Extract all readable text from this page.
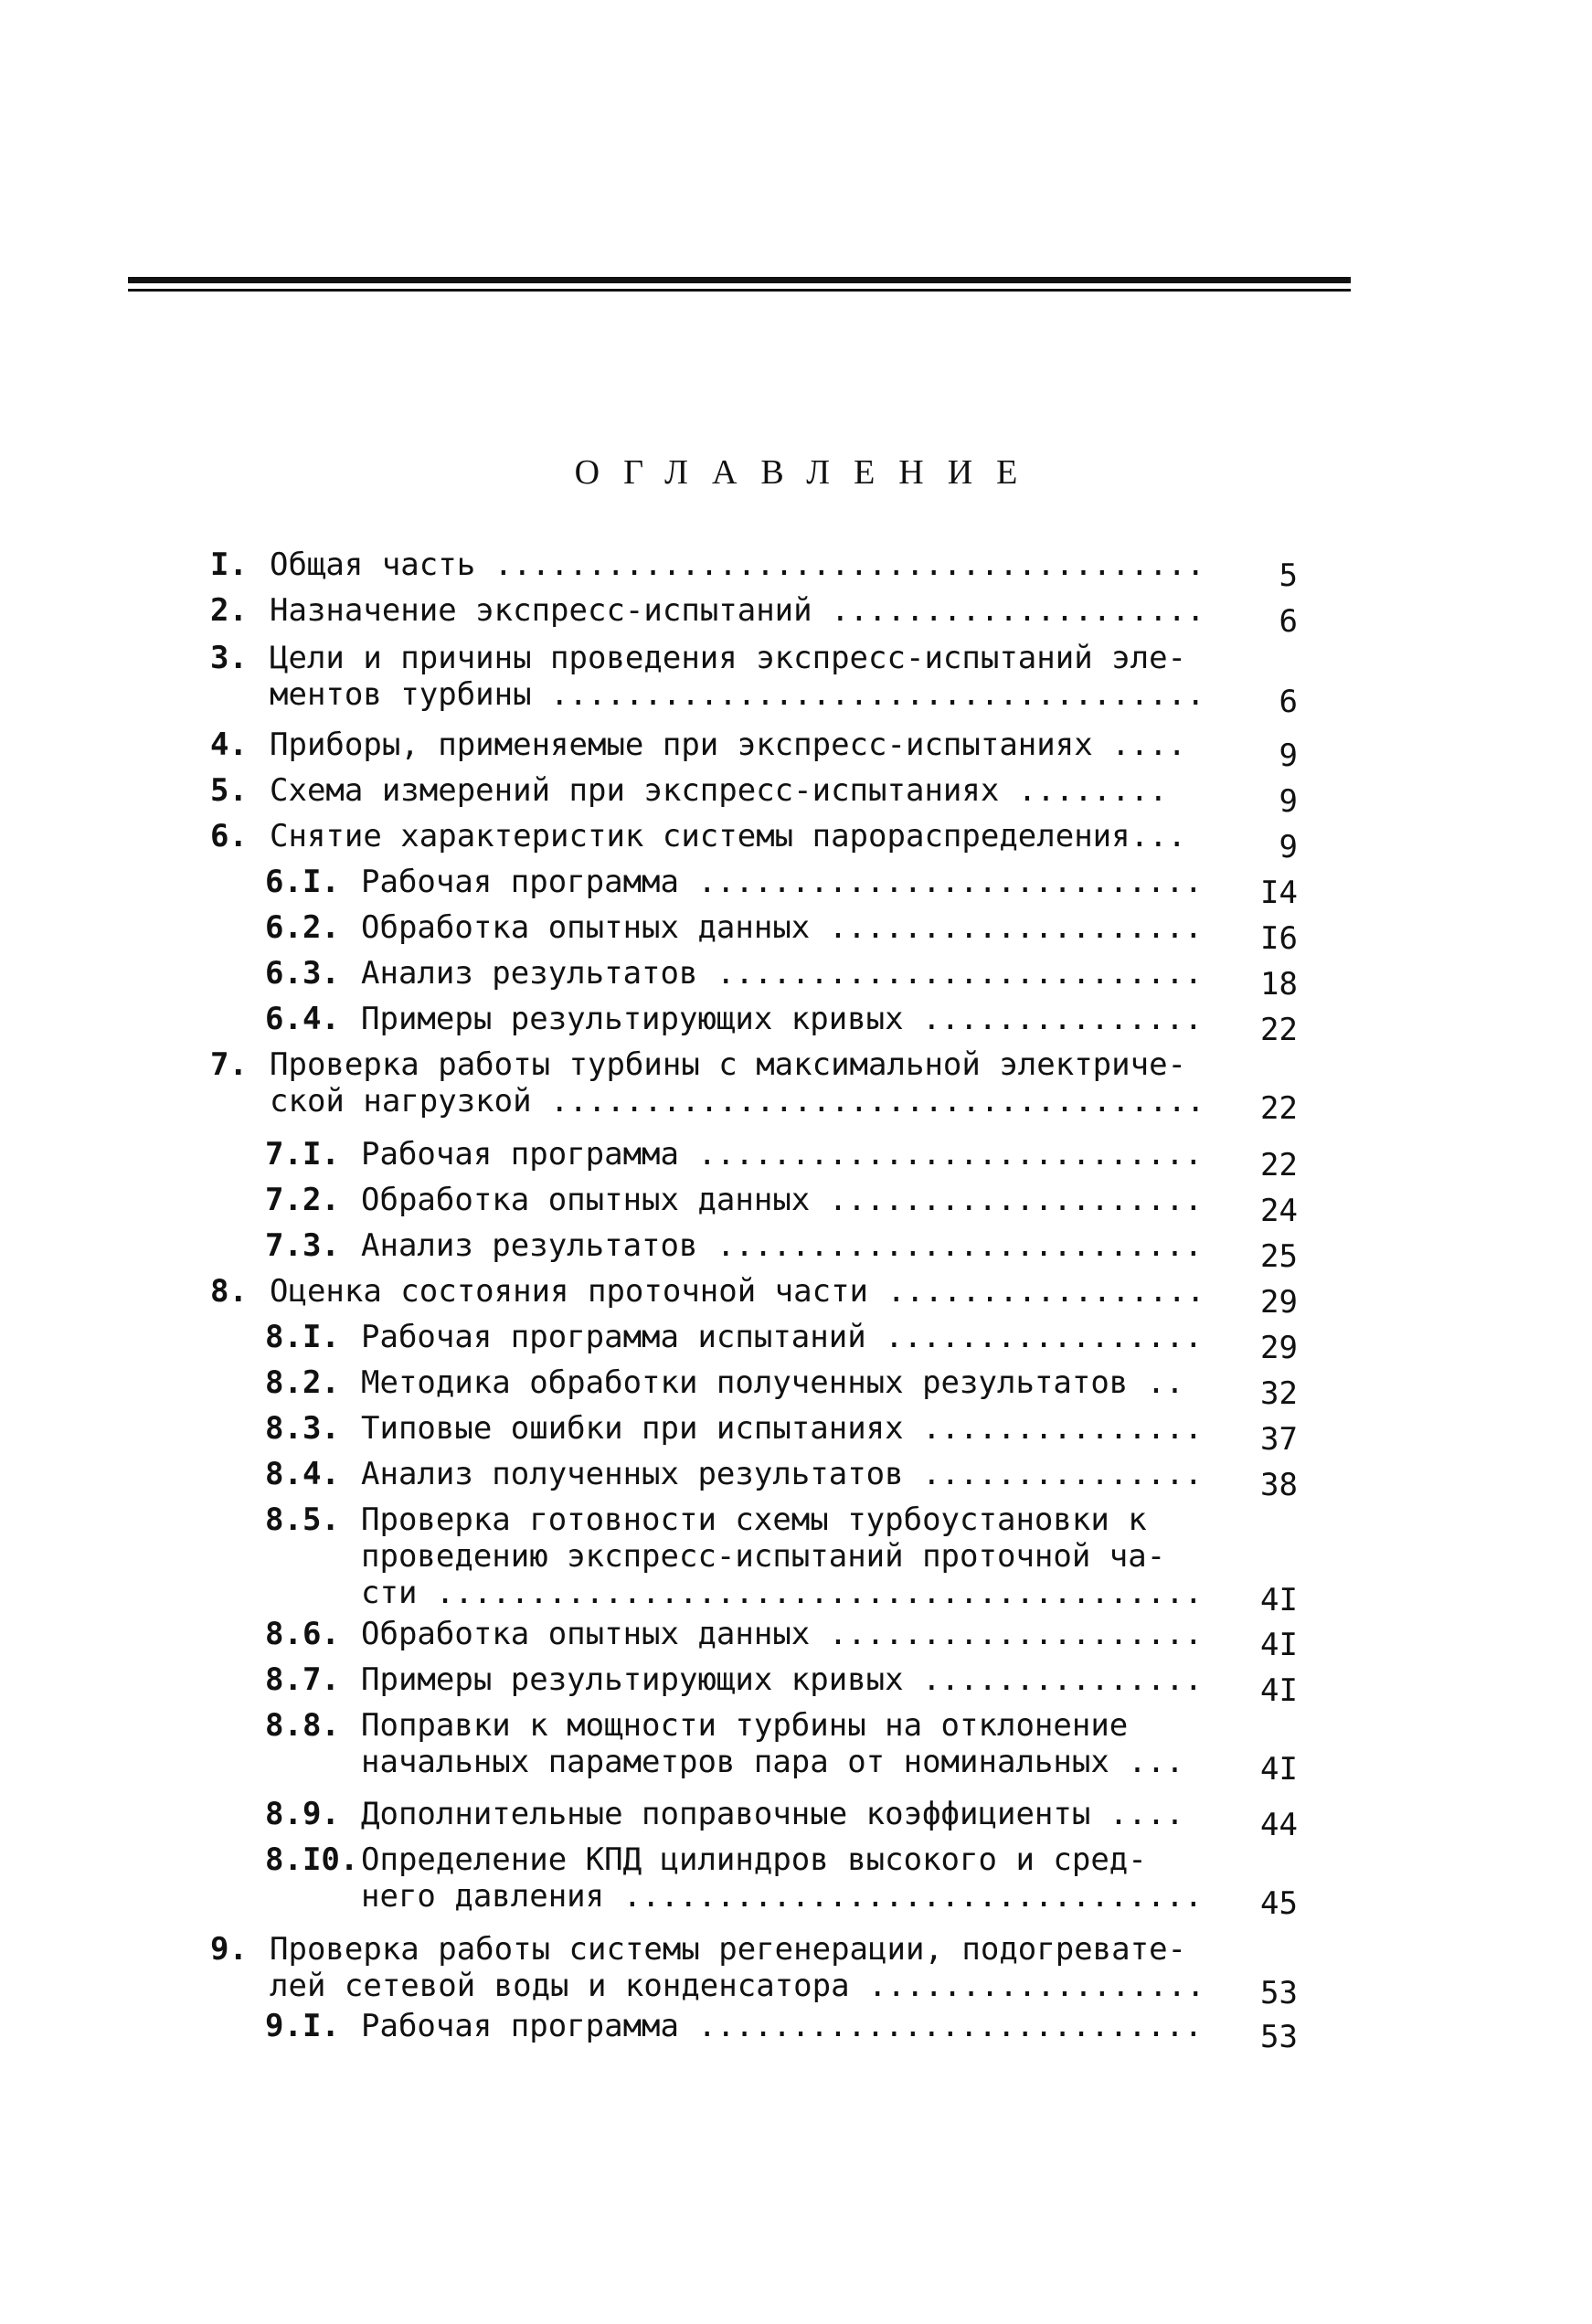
ОГЛАВЛЕНИЕ
I. Общая часть .....	5
2. Назначение экспресс-испытаний .....	6
3. Цели и причины проведения экспресс-испытаний эле-
ментов турбины .....	6
4. Приборы, применяемые при экспресс-испытаниях ....	9
5. Схема измерений при экспресс-испытаниях ........	9
6. Снятие характеристик системы парораспределения...	9
6.I. Рабочая программа .....	I4
6.2. Обработка опытных данных .....	I6
6.3. Анализ результатов .....	18
6.4. Примеры результирующих кривых .....	22
7. Проверка работы турбины с максимальной электриче-
ской нагрузкой .....	22
7.I. Рабочая программа .....	22
7.2. Обработка опытных данных .....	24
7.3. Анализ результатов .....	25
8. Оценка состояния проточной части .....	29
8.I. Рабочая программа испытаний .....	29
8.2. Методика обработки полученных результатов ..	32
8.3. Типовые ошибки при испытаниях .....	37
8.4. Анализ полученных результатов .....	38
8.5. Проверка готовности схемы турбоустановки к
проведению экспресс-испытаний проточной ча-
сти .....	4I
8.6. Обработка опытных данных .....	4I
8.7. Примеры результирующих кривых .....	4I
8.8. Поправки к мощности турбины на отклонение
начальных параметров пара от номинальных ...	4I
8.9. Дополнительные поправочные коэффициенты ....	44
8.I0. Определение КПД цилиндров высокого и сред-
него давления .....	45
9. Проверка работы системы регенерации, подогревате-
лей сетевой воды и конденсатора .....	53
9.I. Рабочая программа .....	53
